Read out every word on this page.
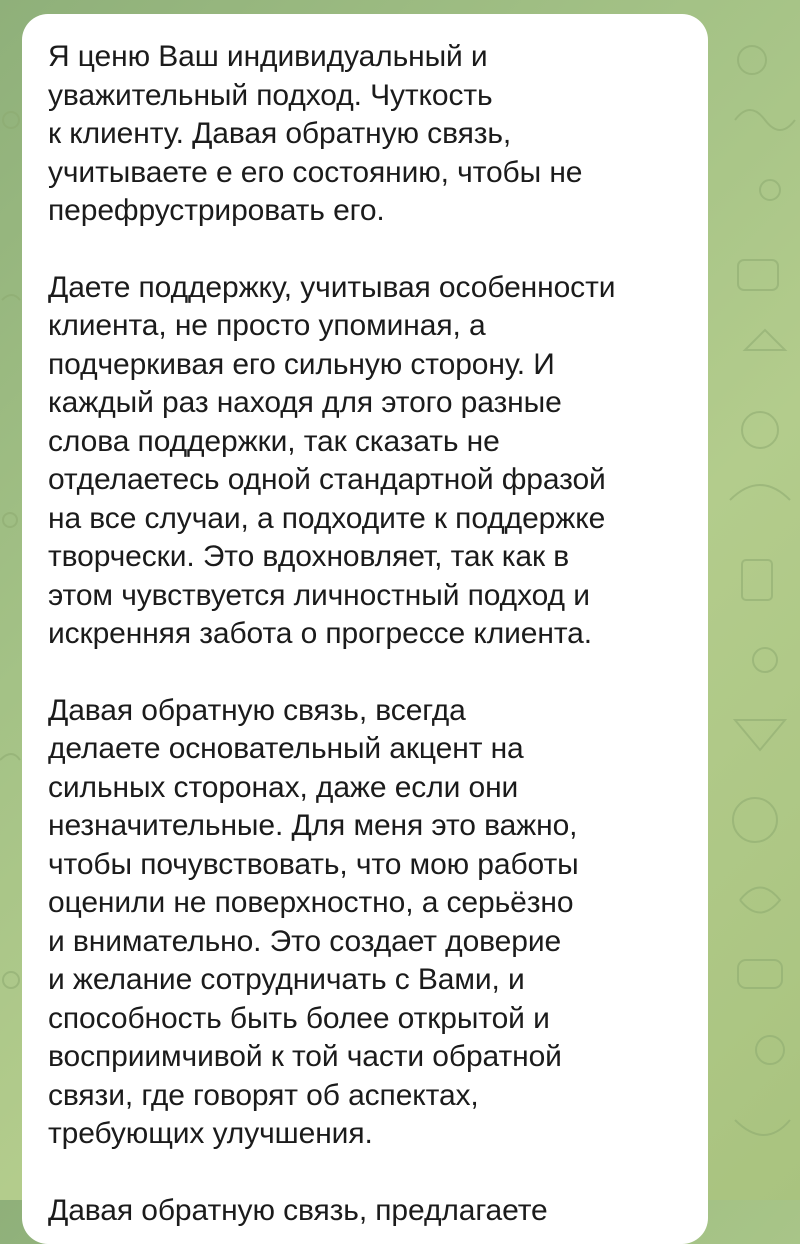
Я ценю Ваш индивидуальный и
уважительный подход. Чуткость
к клиенту. Давая обратную связь,
учитываете е его состоянию, чтобы не
перефрустрировать его.

Даете поддержку, учитывая особенности
клиента, не просто упоминая, а
подчеркивая его сильную сторону. И
каждый раз находя для этого разные
слова поддержки, так сказать не
отделаетесь одной стандартной фразой
на все случаи, а подходите к поддержке
творчески. Это вдохновляет, так как в
этом чувствуется личностный подход и
искренняя забота о прогрессе клиента.

Давая обратную связь, всегда
делаете основательный акцент на
сильных сторонах, даже если они
незначительные. Для меня это важно,
чтобы почувствовать, что мою работы
оценили не поверхностно, а серьёзно
и внимательно. Это создает доверие
и желание сотрудничать с Вами, и
способность быть более открытой и
восприимчивой к той части обратной
связи, где говорят об аспектах,
требующих улучшения.

Давая обратную связь, предлагаете
